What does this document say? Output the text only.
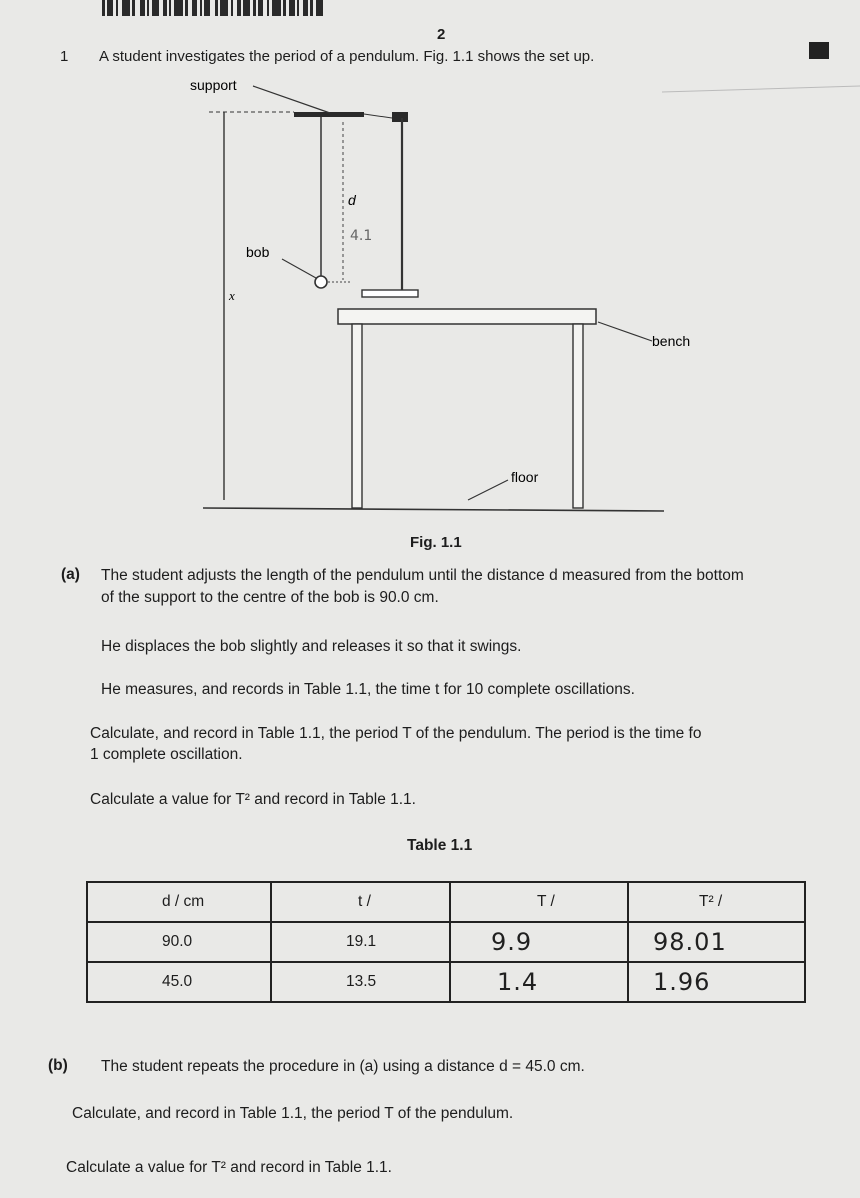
2
1 A student investigates the period of a pendulum. Fig. 1.1 shows the set up.
support
d
4.1
bob
x
bench
floor
Fig. 1.1
(a) The student adjusts the length of the pendulum until the distance d measured from the bottom
of the support to the centre of the bob is 90.0 cm.
He displaces the bob slightly and releases it so that it swings.
He measures, and records in Table 1.1, the time t for 10 complete oscillations.
Calculate, and record in Table 1.1, the period T of the pendulum. The period is the time fo
1 complete oscillation.
Calculate a value for T² and record in Table 1.1.
Table 1.1
d / cm	t /	T /	T² /

90.0	19.1	9.9	98.01

45.0	13.5	1.4	1.96
(b) The student repeats the procedure in (a) using a distance d = 45.0 cm.
Calculate, and record in Table 1.1, the period T of the pendulum.
Calculate a value for T² and record in Table 1.1.
